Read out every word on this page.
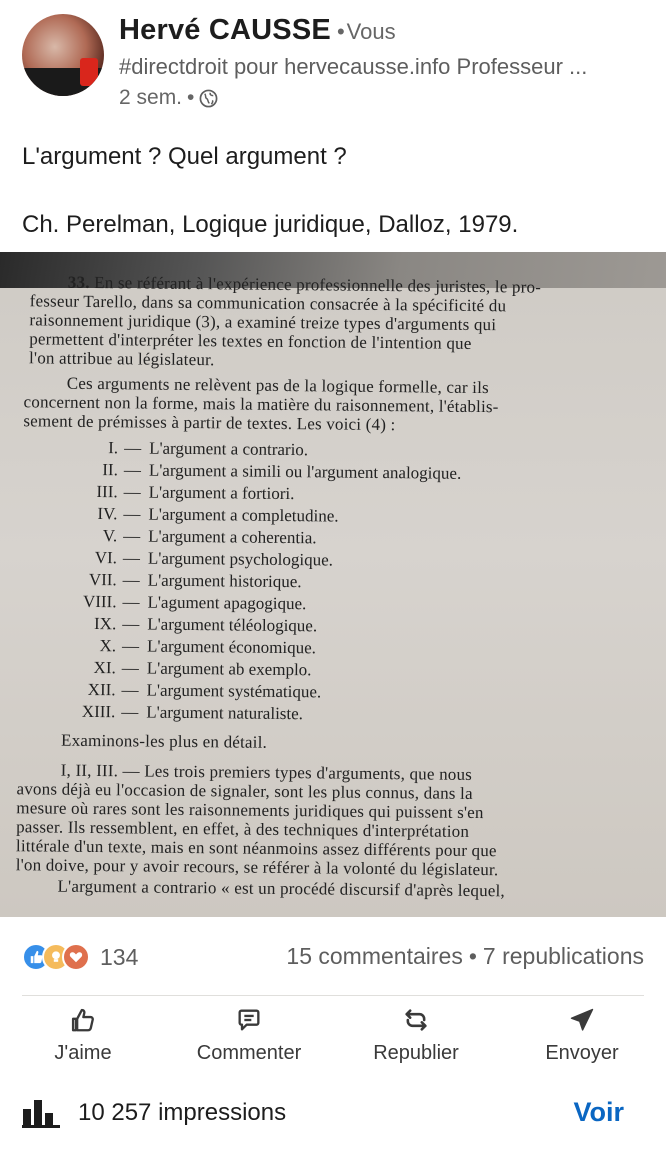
Hervé CAUSSE •Vous
#directdroit pour hervecausse.info Professeur ...
2 sem. •

L'argument ? Quel argument ?

Ch. Perelman, Logique juridique, Dalloz, 1979.

33. En se référant à l'expérience professionnelle des juristes, le pro-
fesseur Tarello, dans sa communication consacrée à la spécificité du
raisonnement juridique (3), a examiné treize types d'arguments qui
permettent d'interpréter les textes en fonction de l'intention que
l'on attribue au législateur.
Ces arguments ne relèvent pas de la logique formelle, car ils
concernent non la forme, mais la matière du raisonnement, l'établis-
sement de prémisses à partir de textes. Les voici (4) :
I. — L'argument a contrario.
II. — L'argument a simili ou l'argument analogique.
III. — L'argument a fortiori.
IV. — L'argument a completudine.
V. — L'argument a coherentia.
VI. — L'argument psychologique.
VII. — L'argument historique.
VIII. — L'agument apagogique.
IX. — L'argument téléologique.
X. — L'argument économique.
XI. — L'argument ab exemplo.
XII. — L'argument systématique.
XIII. — L'argument naturaliste.
Examinons-les plus en détail.
I, II, III. — Les trois premiers types d'arguments, que nous
avons déjà eu l'occasion de signaler, sont les plus connus, dans la
mesure où rares sont les raisonnements juridiques qui puissent s'en
passer. Ils ressemblent, en effet, à des techniques d'interprétation
littérale d'un texte, mais en sont néanmoins assez différents pour que
l'on doive, pour y avoir recours, se référer à la volonté du législateur.
L'argument a contrario « est un procédé discursif d'après lequel,
134	15 commentaires • 7 republications
J'aime	Commenter	Republier	Envoyer
10 257 impressions	Voir
